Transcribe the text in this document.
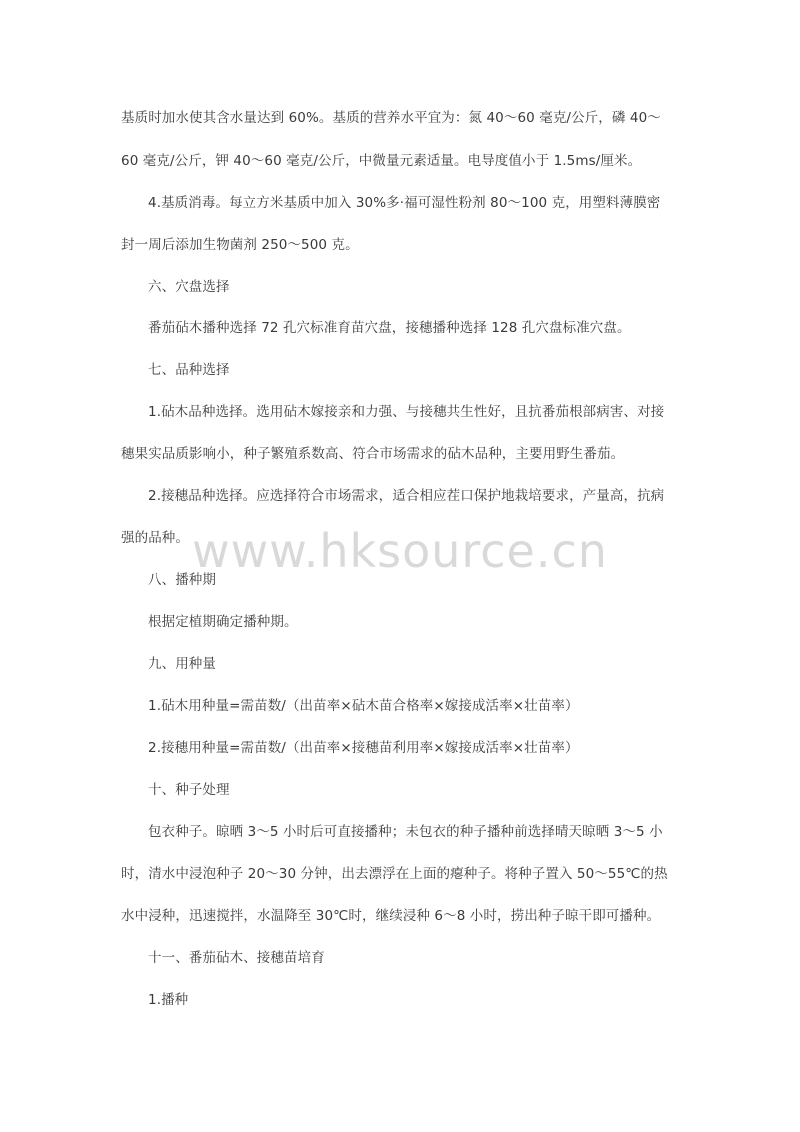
www.hksource.cn
基质时加水使其含水量达到 60%。基质的营养水平宜为：氮 40～60 毫克/公斤，磷 40～
60 毫克/公斤，钾 40～60 毫克/公斤，中微量元素适量。电导度值小于 1.5ms/厘米。
4.基质消毒。每立方米基质中加入 30%多·福可湿性粉剂 80～100 克，用塑料薄膜密
封一周后添加生物菌剂 250～500 克。
六、穴盘选择
番茄砧木播种选择 72 孔穴标准育苗穴盘，接穗播种选择 128 孔穴盘标准穴盘。
七、品种选择
1.砧木品种选择。选用砧木嫁接亲和力强、与接穗共生性好，且抗番茄根部病害、对接
穗果实品质影响小，种子繁殖系数高、符合市场需求的砧木品种，主要用野生番茄。
2.接穗品种选择。应选择符合市场需求，适合相应茬口保护地栽培要求，产量高，抗病
强的品种。
八、播种期
根据定植期确定播种期。
九、用种量
1.砧木用种量=需苗数/（出苗率×砧木苗合格率×嫁接成活率×壮苗率）
2.接穗用种量=需苗数/（出苗率×接穗苗利用率×嫁接成活率×壮苗率）
十、种子处理
包衣种子。晾晒 3～5 小时后可直接播种；未包衣的种子播种前选择晴天晾晒 3～5 小
时，清水中浸泡种子 20～30 分钟，出去漂浮在上面的瘪种子。将种子置入 50～55℃的热
水中浸种，迅速搅拌，水温降至 30℃时，继续浸种 6～8 小时，捞出种子晾干即可播种。
十一、番茄砧木、接穗苗培育
1.播种
